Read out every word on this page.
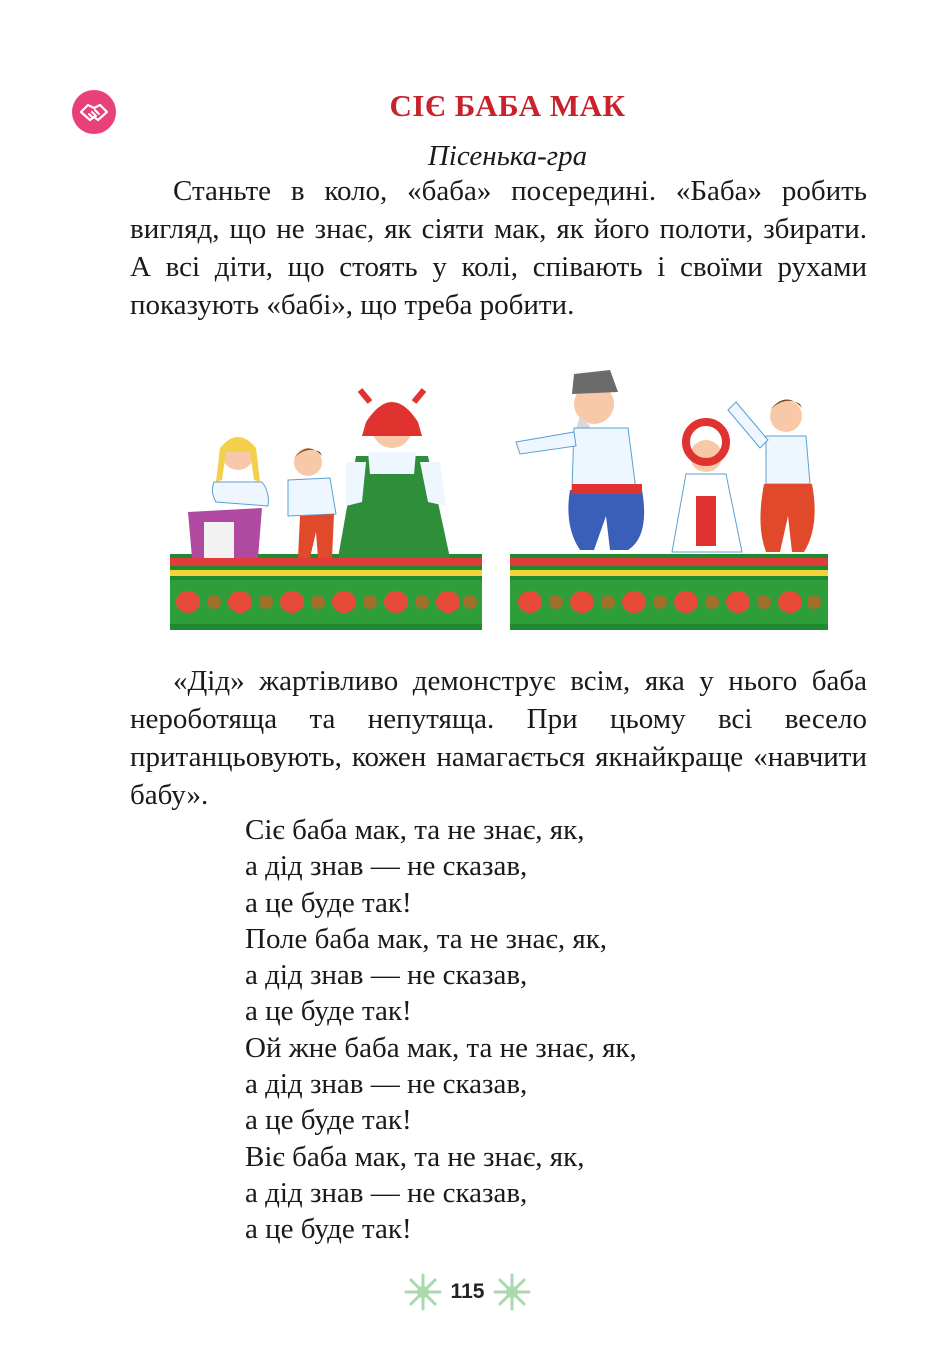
СІЄ БАБА МАК
Пісенька-гра
Станьте в коло, «баба» посередині. «Баба» робить вигляд, що не знає, як сіяти мак, як його полоти, збирати. А всі діти, що стоять у колі, співають і своїми рухами показують «бабі», що треба робити.
«Дід» жартівливо демонструє всім, яка у нього баба нероботяща та непутяща. При цьому всі весело пританцьовують, кожен намагається якнайкраще «навчити бабу».
Сіє баба мак, та не знає, як,
а дід знав — не сказав,
а це буде так!
Поле баба мак, та не знає, як,
а дід знав — не сказав,
а це буде так!
Ой жне баба мак, та не знає, як,
а дід знав — не сказав,
а це буде так!
Віє баба мак, та не знає, як,
а дід знав — не сказав,
а це буде так!
115
